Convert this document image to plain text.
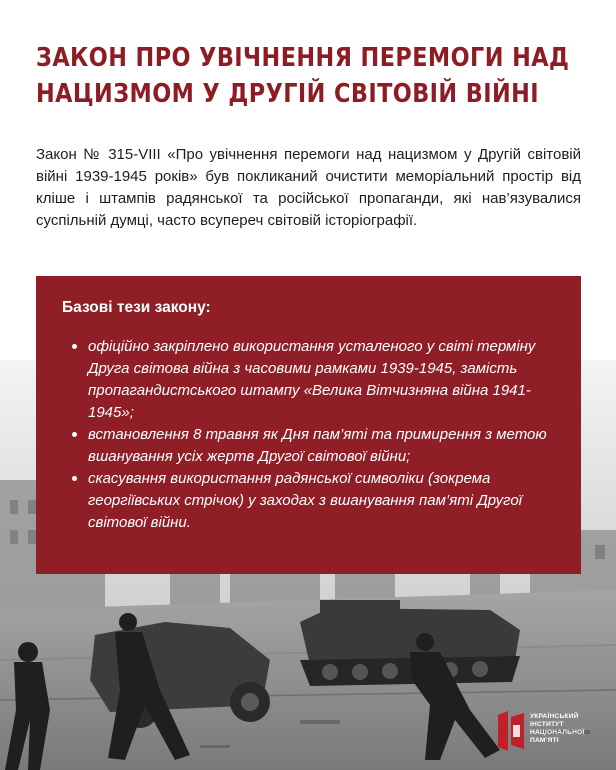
ЗАКОН ПРО УВІЧНЕННЯ ПЕРЕМОГИ НАД
НАЦИЗМОМ У ДРУГІЙ СВІТОВІЙ ВІЙНІ

Закон № 315-VIII «Про увічнення перемоги над нацизмом у Другій світовій війні 1939-1945 років» був покликаний очистити меморіальний простір від кліше і штампів радянської та російської пропаганди, які нав’язувалися суспільній думці, часто всупереч світовій історіографії.

Базові тези закону:

офіційно закріплено використання усталеного у світі терміну Друга світова війна з часовими рамками 1939-1945, замість пропагандистського штампу «Велика Вітчизняна війна 1941-1945»;
встановлення 8 травня як Дня пам’яті та примирення з метою вшанування усіх жертв Другої світової війни;
скасування використання радянської символіки (зокрема георгіївських стрічок) у заходах з вшанування пам’яті Другої світової війни.
УКРАЇНСЬКИЙ
ІНСТИТУТ
НАЦІОНАЛЬНОЇ
ПАМ’ЯТІ
